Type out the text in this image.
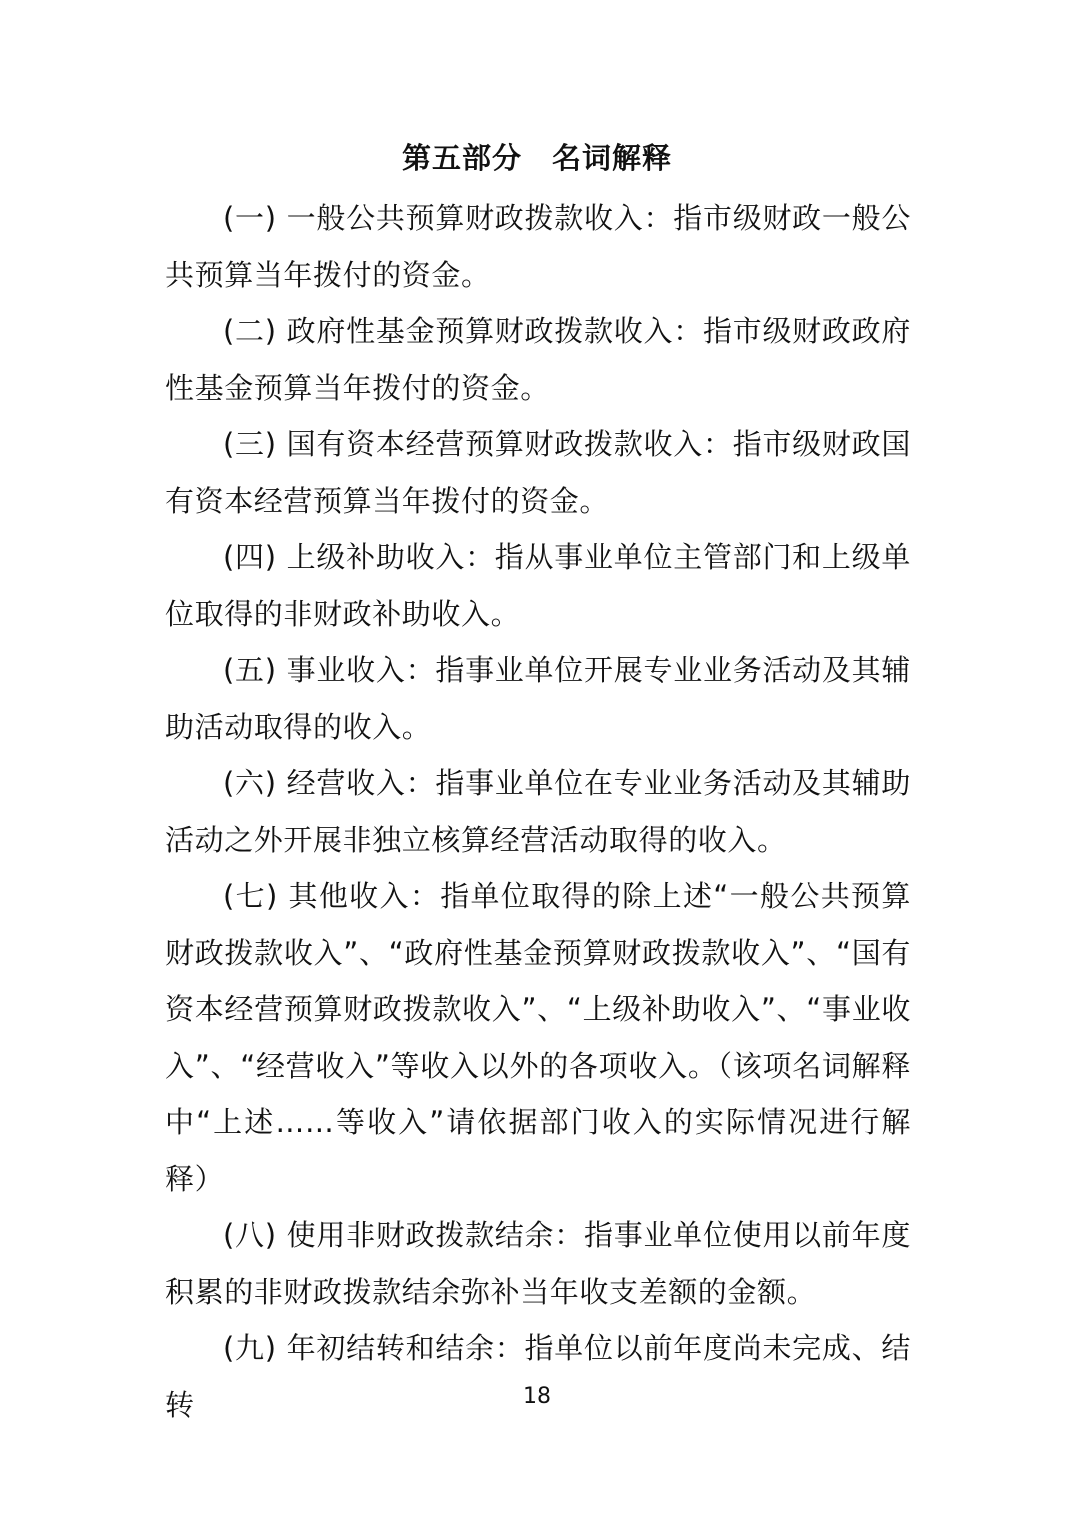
第五部分　名词解释

(一) 一般公共预算财政拨款收入：指市级财政一般公共预算当年拨付的资金。

(二) 政府性基金预算财政拨款收入：指市级财政政府性基金预算当年拨付的资金。

(三) 国有资本经营预算财政拨款收入：指市级财政国有资本经营预算当年拨付的资金。

(四) 上级补助收入：指从事业单位主管部门和上级单位取得的非财政补助收入。

(五) 事业收入：指事业单位开展专业业务活动及其辅助活动取得的收入。

(六) 经营收入：指事业单位在专业业务活动及其辅助活动之外开展非独立核算经营活动取得的收入。

(七) 其他收入：指单位取得的除上述“一般公共预算财政拨款收入”、“政府性基金预算财政拨款收入”、“国有资本经营预算财政拨款收入”、“上级补助收入”、“事业收入”、“经营收入”等收入以外的各项收入。（该项名词解释中“上述……等收入”请依据部门收入的实际情况进行解释）

(八) 使用非财政拨款结余：指事业单位使用以前年度积累的非财政拨款结余弥补当年收支差额的金额。

(九) 年初结转和结余：指单位以前年度尚未完成、结转	18
